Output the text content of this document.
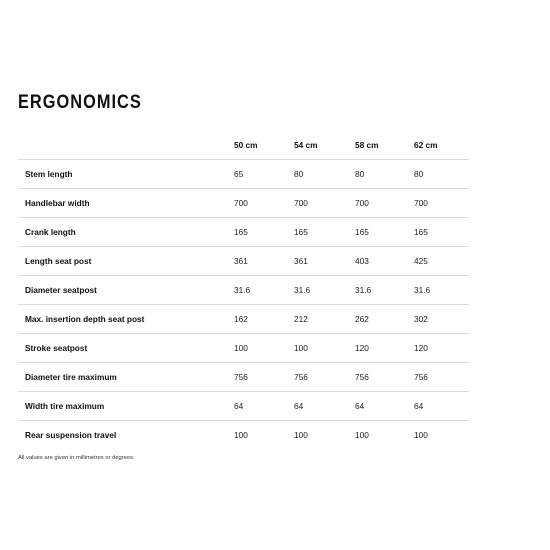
ERGONOMICS
	50 cm	54 cm	58 cm	62 cm
Stem length	65	80	80	80
Handlebar width	700	700	700	700
Crank length	165	165	165	165
Length seat post	361	361	403	425
Diameter seatpost	31.6	31.6	31.6	31.6
Max. insertion depth seat post	162	212	262	302
Stroke seatpost	100	100	120	120
Diameter tire maximum	756	756	756	756
Width tire maximum	64	64	64	64
Rear suspension travel	100	100	100	100

All values are given in millimetres or degrees.
